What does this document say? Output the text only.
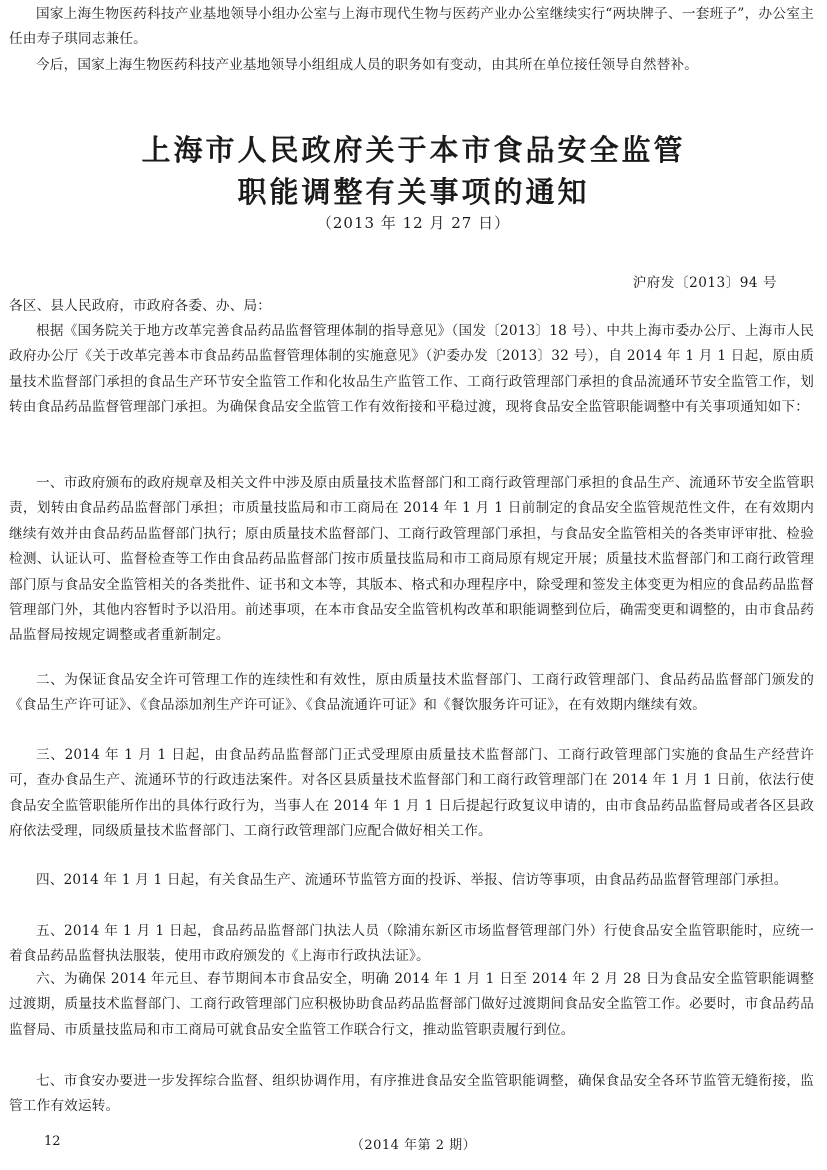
国家上海生物医药科技产业基地领导小组办公室与上海市现代生物与医药产业办公室继续实行“两块牌子、一套班子”，办公室主任由寿子琪同志兼任。

今后，国家上海生物医药科技产业基地领导小组组成人员的职务如有变动，由其所在单位接任领导自然替补。

上海市人民政府关于本市食品安全监管
职能调整有关事项的通知
（2013 年 12 月 27 日）
沪府发〔2013〕94 号

各区、县人民政府，市政府各委、办、局：

根据《国务院关于地方改革完善食品药品监督管理体制的指导意见》（国发〔2013〕18 号）、中共上海市委办公厅、上海市人民政府办公厅《关于改革完善本市食品药品监督管理体制的实施意见》（沪委办发〔2013〕32 号），自 2014 年 1 月 1 日起，原由质量技术监督部门承担的食品生产环节安全监管工作和化妆品生产监管工作、工商行政管理部门承担的食品流通环节安全监管工作，划转由食品药品监督管理部门承担。为确保食品安全监管工作有效衔接和平稳过渡，现将食品安全监管职能调整中有关事项通知如下：

一、市政府颁布的政府规章及相关文件中涉及原由质量技术监督部门和工商行政管理部门承担的食品生产、流通环节安全监管职责，划转由食品药品监督部门承担；市质量技监局和市工商局在 2014 年 1 月 1 日前制定的食品安全监管规范性文件，在有效期内继续有效并由食品药品监督部门执行；原由质量技术监督部门、工商行政管理部门承担，与食品安全监管相关的各类审评审批、检验检测、认证认可、监督检查等工作由食品药品监督部门按市质量技监局和市工商局原有规定开展；质量技术监督部门和工商行政管理部门原与食品安全监管相关的各类批件、证书和文本等，其版本、格式和办理程序中，除受理和签发主体变更为相应的食品药品监督管理部门外，其他内容暂时予以沿用。前述事项，在本市食品安全监管机构改革和职能调整到位后，确需变更和调整的，由市食品药品监督局按规定调整或者重新制定。

二、为保证食品安全许可管理工作的连续性和有效性，原由质量技术监督部门、工商行政管理部门、食品药品监督部门颁发的《食品生产许可证》、《食品添加剂生产许可证》、《食品流通许可证》和《餐饮服务许可证》，在有效期内继续有效。

三、2014 年 1 月 1 日起，由食品药品监督部门正式受理原由质量技术监督部门、工商行政管理部门实施的食品生产经营许可，查办食品生产、流通环节的行政违法案件。对各区县质量技术监督部门和工商行政管理部门在 2014 年 1 月 1 日前，依法行使食品安全监管职能所作出的具体行政行为，当事人在 2014 年 1 月 1 日后提起行政复议申请的，由市食品药品监督局或者各区县政府依法受理，同级质量技术监督部门、工商行政管理部门应配合做好相关工作。

四、2014 年 1 月 1 日起，有关食品生产、流通环节监管方面的投诉、举报、信访等事项，由食品药品监督管理部门承担。

五、2014 年 1 月 1 日起，食品药品监督部门执法人员（除浦东新区市场监督管理部门外）行使食品安全监管职能时，应统一着食品药品监督执法服装，使用市政府颁发的《上海市行政执法证》。

六、为确保 2014 年元旦、春节期间本市食品安全，明确 2014 年 1 月 1 日至 2014 年 2 月 28 日为食品安全监管职能调整过渡期，质量技术监督部门、工商行政管理部门应积极协助食品药品监督部门做好过渡期间食品安全监管工作。必要时，市食品药品监督局、市质量技监局和市工商局可就食品安全监管工作联合行文，推动监管职责履行到位。

七、市食安办要进一步发挥综合监督、组织协调作用，有序推进食品安全监管职能调整，确保食品安全各环节监管无缝衔接，监管工作有效运转。

12	（2014 年第 2 期）
